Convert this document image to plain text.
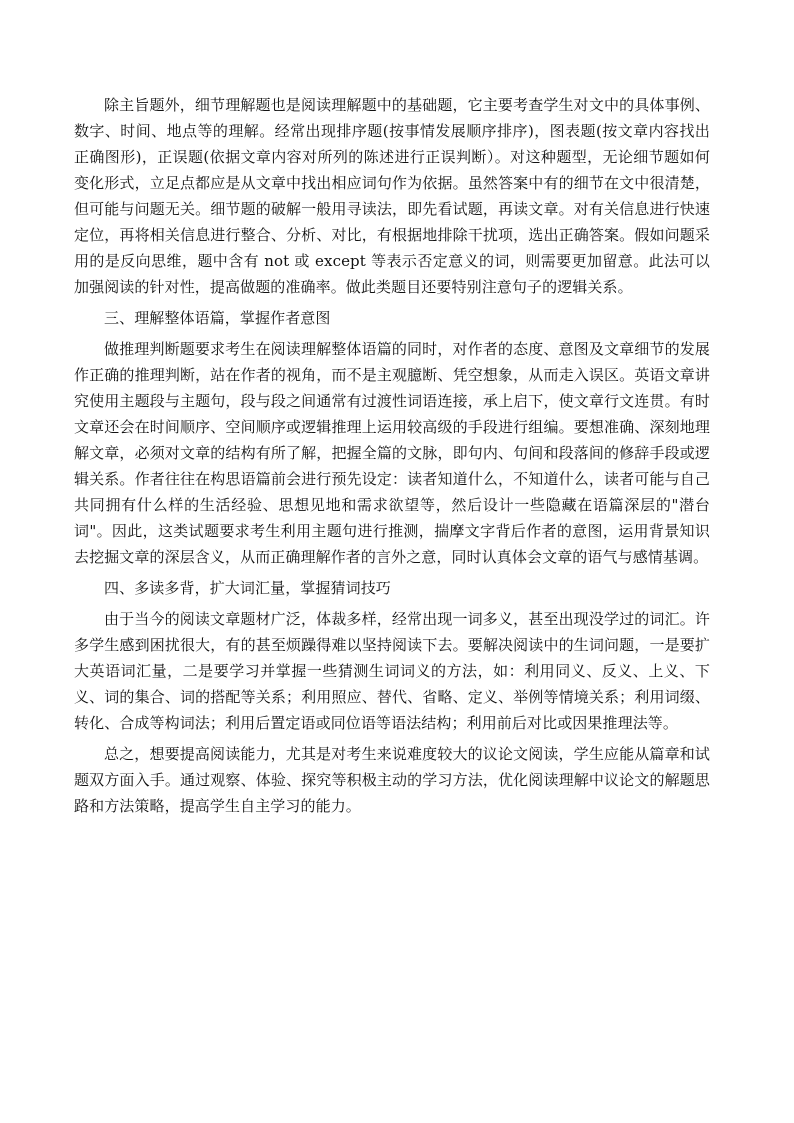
除主旨题外，细节理解题也是阅读理解题中的基础题，它主要考查学生对文中的具体事例、数字、时间、地点等的理解。经常出现排序题(按事情发展顺序排序)，图表题(按文章内容找出正确图形)，正误题(依据文章内容对所列的陈述进行正误判断）。对这种题型，无论细节题如何变化形式，立足点都应是从文章中找出相应词句作为依据。虽然答案中有的细节在文中很清楚，但可能与问题无关。细节题的破解一般用寻读法，即先看试题，再读文章。对有关信息进行快速定位，再将相关信息进行整合、分析、对比，有根据地排除干扰项，选出正确答案。假如问题采用的是反向思维，题中含有 not 或 except 等表示否定意义的词，则需要更加留意。此法可以加强阅读的针对性，提高做题的准确率。做此类题目还要特别注意句子的逻辑关系。

三、理解整体语篇，掌握作者意图

做推理判断题要求考生在阅读理解整体语篇的同时，对作者的态度、意图及文章细节的发展作正确的推理判断，站在作者的视角，而不是主观臆断、凭空想象，从而走入误区。英语文章讲究使用主题段与主题句，段与段之间通常有过渡性词语连接，承上启下，使文章行文连贯。有时文章还会在时间顺序、空间顺序或逻辑推理上运用较高级的手段进行组编。要想准确、深刻地理解文章，必须对文章的结构有所了解，把握全篇的文脉，即句内、句间和段落间的修辞手段或逻辑关系。作者往往在构思语篇前会进行预先设定：读者知道什么，不知道什么，读者可能与自己共同拥有什么样的生活经验、思想见地和需求欲望等，然后设计一些隐藏在语篇深层的"潜台词"。因此，这类试题要求考生利用主题句进行推测，揣摩文字背后作者的意图，运用背景知识去挖掘文章的深层含义，从而正确理解作者的言外之意，同时认真体会文章的语气与感情基调。

四、多读多背，扩大词汇量，掌握猜词技巧

由于当今的阅读文章题材广泛，体裁多样，经常出现一词多义，甚至出现没学过的词汇。许多学生感到困扰很大，有的甚至烦躁得难以坚持阅读下去。要解决阅读中的生词问题，一是要扩大英语词汇量，二是要学习并掌握一些猜测生词词义的方法，如：利用同义、反义、上义、下义、词的集合、词的搭配等关系；利用照应、替代、省略、定义、举例等情境关系；利用词缀、转化、合成等构词法；利用后置定语或同位语等语法结构；利用前后对比或因果推理法等。

总之，想要提高阅读能力，尤其是对考生来说难度较大的议论文阅读，学生应能从篇章和试题双方面入手。通过观察、体验、探究等积极主动的学习方法，优化阅读理解中议论文的解题思路和方法策略，提高学生自主学习的能力。
